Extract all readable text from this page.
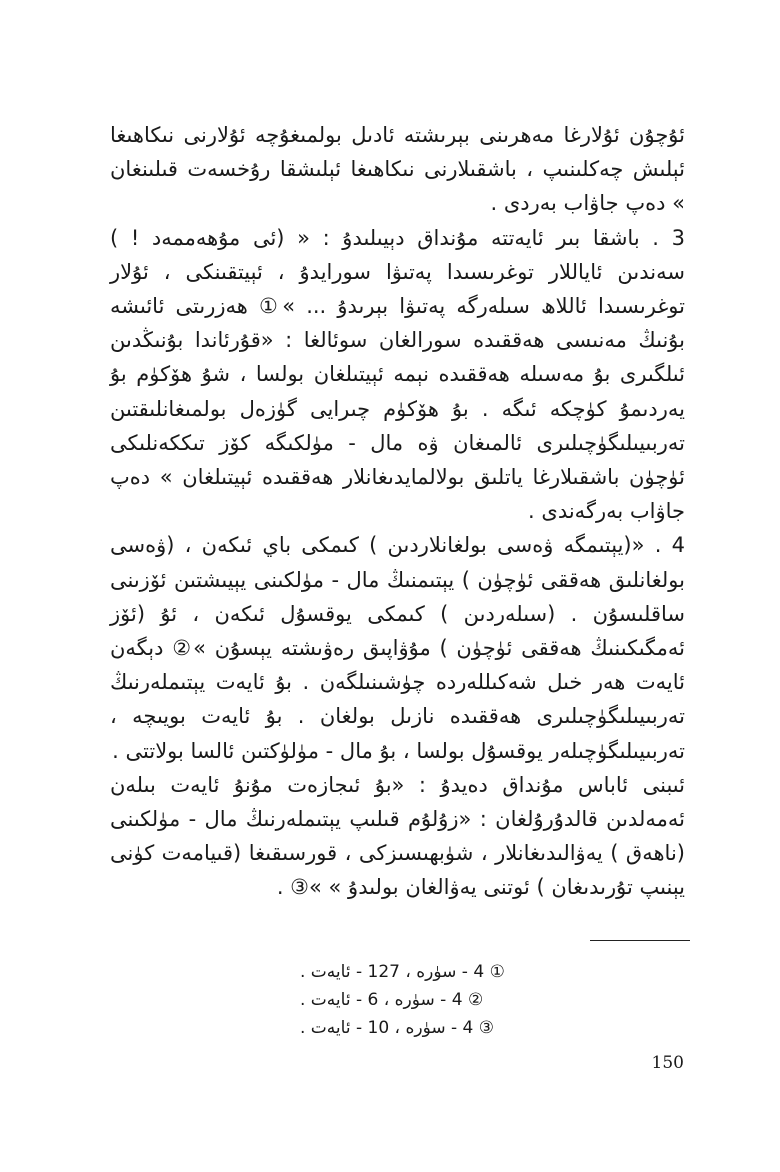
ئۇچۇن ئۇلارغا مەھرىنى بېرىشتە ئادىل بولمىغۇچە ئۇلارنى نىكاھىغا ئېلىش چەكلىنىپ ، باشقىلارنى نىكاھىغا ئېلىشقا رۇخسەت قىلىنغان » دەپ جاۋاب بەردى .

3 . باشقا بىر ئايەتتە مۇنداق دېيىلىدۇ : « (ئى مۇھەممەد ! ) سەندىن ئاياللار توغرىسىدا پەتىۋا سورايدۇ ، ئېيتقىنكى ، ئۇلار توغرىسىدا ئاللاھ سىلەرگە پەتىۋا بېرىدۇ ... »① ھەزرىتى ئائىشە بۇنىڭ مەنىسى ھەققىدە سورالغان سوئالغا : «قۇرئاندا بۇنىڭدىن ئىلگىرى بۇ مەسىلە ھەققىدە نېمە ئېيتىلغان بولسا ، شۇ ھۆكۈم بۇ يەردىمۇ كۈچكە ئىگە . بۇ ھۆكۈم چىرايى گۈزەل بولمىغانلىقتىن تەربىيىلىگۈچىلىرى ئالمىغان ۋە مال - مۈلكىگە كۆز تىككەنلىكى ئۈچۈن باشقىلارغا ياتلىق بولالمايدىغانلار ھەققىدە ئېيتىلغان » دەپ جاۋاب بەرگەندى .

4 . «(يېتىمگە ۋەسى بولغانلاردىن ) كىمكى باي ئىكەن ، (ۋەسى بولغانلىق ھەققى ئۈچۈن ) يېتىمنىڭ مال - مۈلكىنى يېيىشتىن ئۆزىنى ساقلىسۇن . (سىلەردىن ) كىمكى يوقسۇل ئىكەن ، ئۇ (ئۆز ئەمگىكىنىڭ ھەققى ئۈچۈن ) مۇۋاپىق رەۋىشتە يېسۇن »② دېگەن ئايەت ھەر خىل شەكىللەردە چۈشىنىلگەن . بۇ ئايەت يېتىملەرنىڭ تەربىيىلىگۈچىلىرى ھەققىدە نازىل بولغان . بۇ ئايەت بويىچە ، تەربىيىلىگۈچىلەر يوقسۇل بولسا ، بۇ مال - مۈلۈكتىن ئالسا بولاتتى .

ئىبنى ئاباس مۇنداق دەيدۇ : «بۇ ئىجازەت مۇنۇ ئايەت بىلەن ئەمەلدىن قالدۇرۇلغان : «زۇلۇم قىلىپ يېتىملەرنىڭ مال - مۈلكىنى (ناھەق ) يەۋالىدىغانلار ، شۈبھىسىزكى ، قورسىقىغا (قىيامەت كۈنى يېنىپ تۇرىدىغان ) ئوتنى يەۋالغان بولىدۇ » »③ .

① 4 - سۈرە ، 127 - ئايەت .
② 4 - سۈرە ، 6 - ئايەت .
③ 4 - سۈرە ، 10 - ئايەت .
150
